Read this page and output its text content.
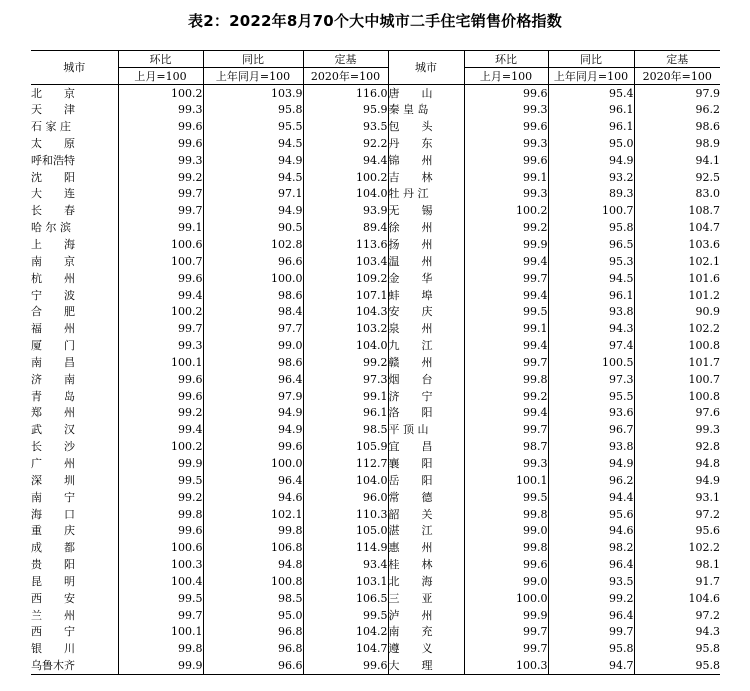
表2：2022年8月70个大中城市二手住宅销售价格指数
城市	环比	同比	定基	城市	环比	同比	定基
	上月=100	上年同月=100	2020年=100		上月=100	上年同月=100	2020年=100
北　　京	100.2	103.9	116.0	唐　　山	99.6	95.4	97.9
天　　津	99.3	95.8	95.9	秦 皇 岛	99.3	96.1	96.2
石 家 庄	99.6	95.5	93.5	包　　头	99.6	96.1	98.6
太　　原	99.6	94.5	92.2	丹　　东	99.3	95.0	98.9
呼和浩特	99.3	94.9	94.4	锦　　州	99.6	94.9	94.1
沈　　阳	99.2	94.5	100.2	吉　　林	99.1	93.2	92.5
大　　连	99.7	97.1	104.0	牡 丹 江	99.3	89.3	83.0
长　　春	99.7	94.9	93.9	无　　锡	100.2	100.7	108.7
哈 尔 滨	99.1	90.5	89.4	徐　　州	99.2	95.8	104.7
上　　海	100.6	102.8	113.6	扬　　州	99.9	96.5	103.6
南　　京	100.7	96.6	103.4	温　　州	99.4	95.3	102.1
杭　　州	99.6	100.0	109.2	金　　华	99.7	94.5	101.6
宁　　波	99.4	98.6	107.1	蚌　　埠	99.4	96.1	101.2
合　　肥	100.2	98.4	104.3	安　　庆	99.5	93.8	90.9
福　　州	99.7	97.7	103.2	泉　　州	99.1	94.3	102.2
厦　　门	99.3	99.0	104.0	九　　江	99.4	97.4	100.8
南　　昌	100.1	98.6	99.2	赣　　州	99.7	100.5	101.7
济　　南	99.6	96.4	97.3	烟　　台	99.8	97.3	100.7
青　　岛	99.6	97.9	99.1	济　　宁	99.2	95.5	100.8
郑　　州	99.2	94.9	96.1	洛　　阳	99.4	93.6	97.6
武　　汉	99.4	94.9	98.5	平 顶 山	99.7	96.7	99.3
长　　沙	100.2	99.6	105.9	宜　　昌	98.7	93.8	92.8
广　　州	99.9	100.0	112.7	襄　　阳	99.3	94.9	94.8
深　　圳	99.5	96.4	104.0	岳　　阳	100.1	96.2	94.9
南　　宁	99.2	94.6	96.0	常　　德	99.5	94.4	93.1
海　　口	99.8	102.1	110.3	韶　　关	99.8	95.6	97.2
重　　庆	99.6	99.8	105.0	湛　　江	99.0	94.6	95.6
成　　都	100.6	106.8	114.9	惠　　州	99.8	98.2	102.2
贵　　阳	100.3	94.8	93.4	桂　　林	99.6	96.4	98.1
昆　　明	100.4	100.8	103.1	北　　海	99.0	93.5	91.7
西　　安	99.5	98.5	106.5	三　　亚	100.0	99.2	104.6
兰　　州	99.7	95.0	99.5	泸　　州	99.9	96.4	97.2
西　　宁	100.1	96.8	104.2	南　　充	99.7	99.7	94.3
银　　川	99.8	96.8	104.7	遵　　义	99.7	95.8	95.8
乌鲁木齐	99.9	96.6	99.6	大　　理	100.3	94.7	95.8
